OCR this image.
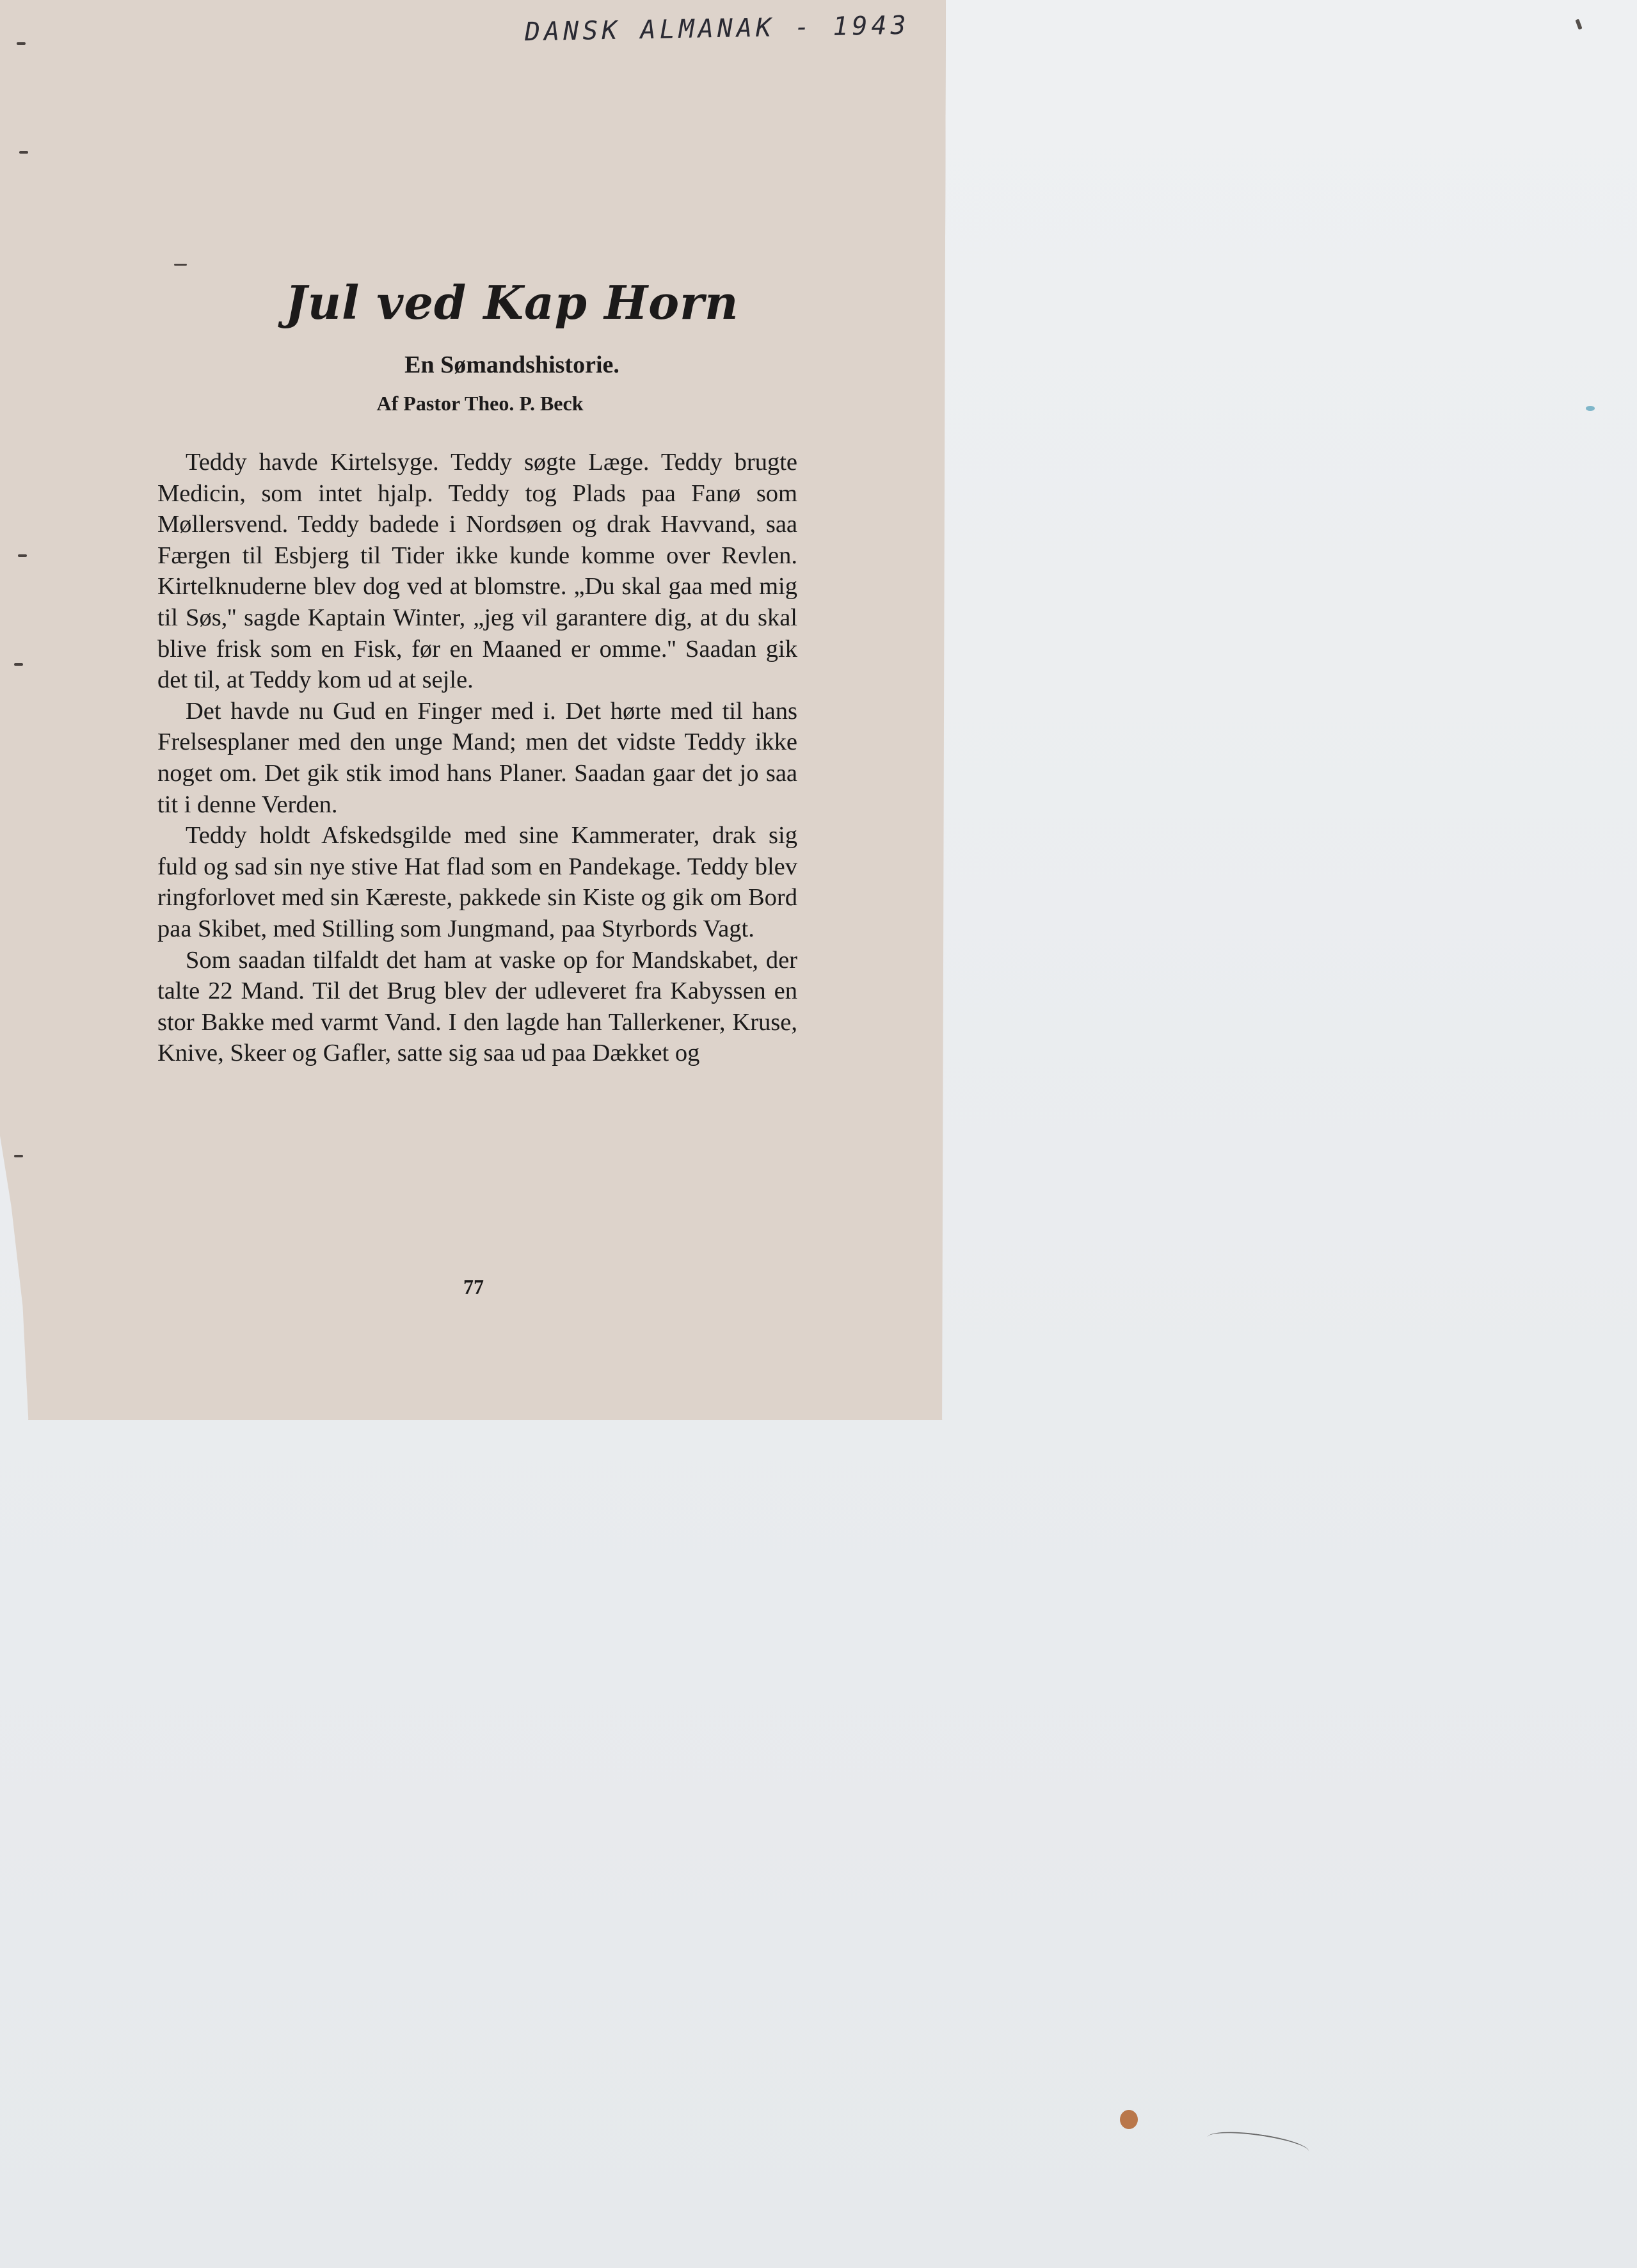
DANSK ALMANAK - 1943
Jul ved Kap Horn
En Sømandshistorie.
Af Pastor Theo. P. Beck

Teddy havde Kirtelsyge. Teddy søgte Læge. Teddy brugte Medicin, som intet hjalp. Teddy tog Plads paa Fanø som Møllersvend. Teddy badede i Nordsøen og drak Havvand, saa Færgen til Esbjerg til Tider ikke kunde komme over Revlen. Kirtelknuderne blev dog ved at blomstre. „Du skal gaa med mig til Søs,'' sagde Kaptain Winter, „jeg vil garantere dig, at du skal blive frisk som en Fisk, før en Maaned er omme.'' Saadan gik det til, at Teddy kom ud at sejle.

Det havde nu Gud en Finger med i. Det hørte med til hans Frelsesplaner med den unge Mand; men det vidste Teddy ikke noget om. Det gik stik imod hans Planer. Saadan gaar det jo saa tit i denne Verden.

Teddy holdt Afskedsgilde med sine Kammerater, drak sig fuld og sad sin nye stive Hat flad som en Pandekage. Teddy blev ringforlovet med sin Kæreste, pakkede sin Kiste og gik om Bord paa Skibet, med Stilling som Jungmand, paa Styrbords Vagt.

Som saadan tilfaldt det ham at vaske op for Mandskabet, der talte 22 Mand. Til det Brug blev der udleveret fra Kabyssen en stor Bakke med varmt Vand. I den lagde han Tallerkener, Kruse, Knive, Skeer og Gafler, satte sig saa ud paa Dækket og

77
